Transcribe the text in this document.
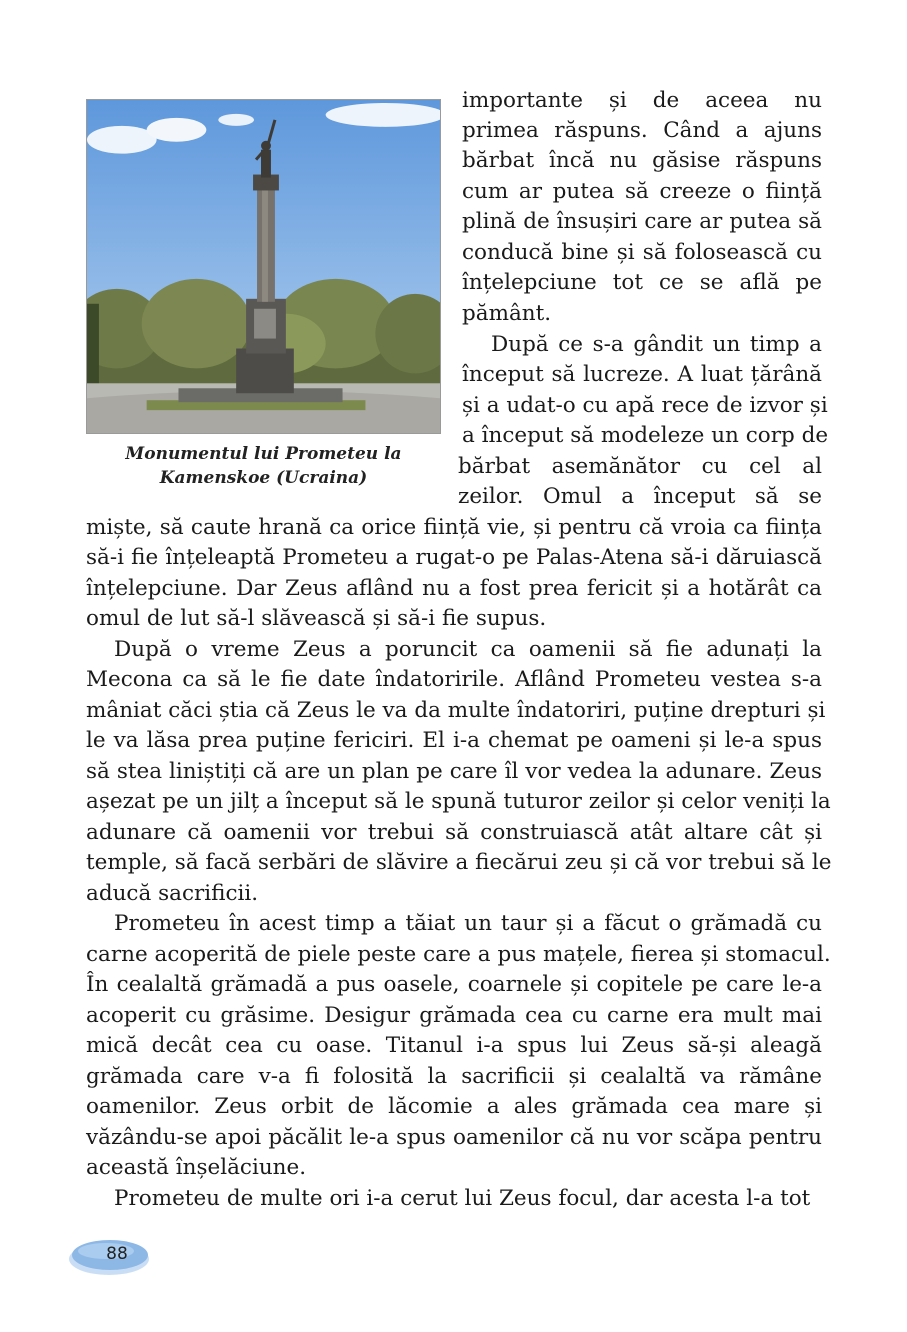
Monumentul lui Prometeu la
Kamenskoe (Ucraina)
importante și de aceea nu
primea răspuns. Când a ajuns
bărbat încă nu găsise răspuns
cum ar putea să creeze o ființă
plină de însușiri care ar putea să
conducă bine și să folosească cu
înțelepciune tot ce se află pe
pământ.
După ce s-a gândit un timp a
început să lucreze. A luat țărână
și a udat-o cu apă rece de izvor și
a început să modeleze un corp de
bărbat asemănător cu cel al
zeilor. Omul a început să se
miște, să caute hrană ca orice ființă vie, și pentru că vroia ca ființa
să-i fie înțeleaptă Prometeu a rugat-o pe Palas-Atena să-i dăruiască
înțelepciune. Dar Zeus aflând nu a fost prea fericit și a hotărât ca
omul de lut să-l slăvească și să-i fie supus.
După o vreme Zeus a poruncit ca oamenii să fie adunați la
Mecona ca să le fie date îndatoririle. Aflând Prometeu vestea s-a
mâniat căci știa că Zeus le va da multe îndatoriri, puține drepturi și
le va lăsa prea puține fericiri. El i-a chemat pe oameni și le-a spus
să stea liniștiți că are un plan pe care îl vor vedea la adunare. Zeus
așezat pe un jilț a început să le spună tuturor zeilor și celor veniți la
adunare că oamenii vor trebui să construiască atât altare cât și
temple, să facă serbări de slăvire a fiecărui zeu și că vor trebui să le
aducă sacrificii.
Prometeu în acest timp a tăiat un taur și a făcut o grămadă cu
carne acoperită de piele peste care a pus mațele, fierea și stomacul.
În cealaltă grămadă a pus oasele, coarnele și copitele pe care le-a
acoperit cu grăsime. Desigur grămada cea cu carne era mult mai
mică decât cea cu oase. Titanul i-a spus lui Zeus să-și aleagă
grămada care v-a fi folosită la sacrificii și cealaltă va rămâne
oamenilor. Zeus orbit de lăcomie a ales grămada cea mare și
văzându-se apoi păcălit le-a spus oamenilor că nu vor scăpa pentru
această înșelăciune.
Prometeu de multe ori i-a cerut lui Zeus focul, dar acesta l-a tot
88
